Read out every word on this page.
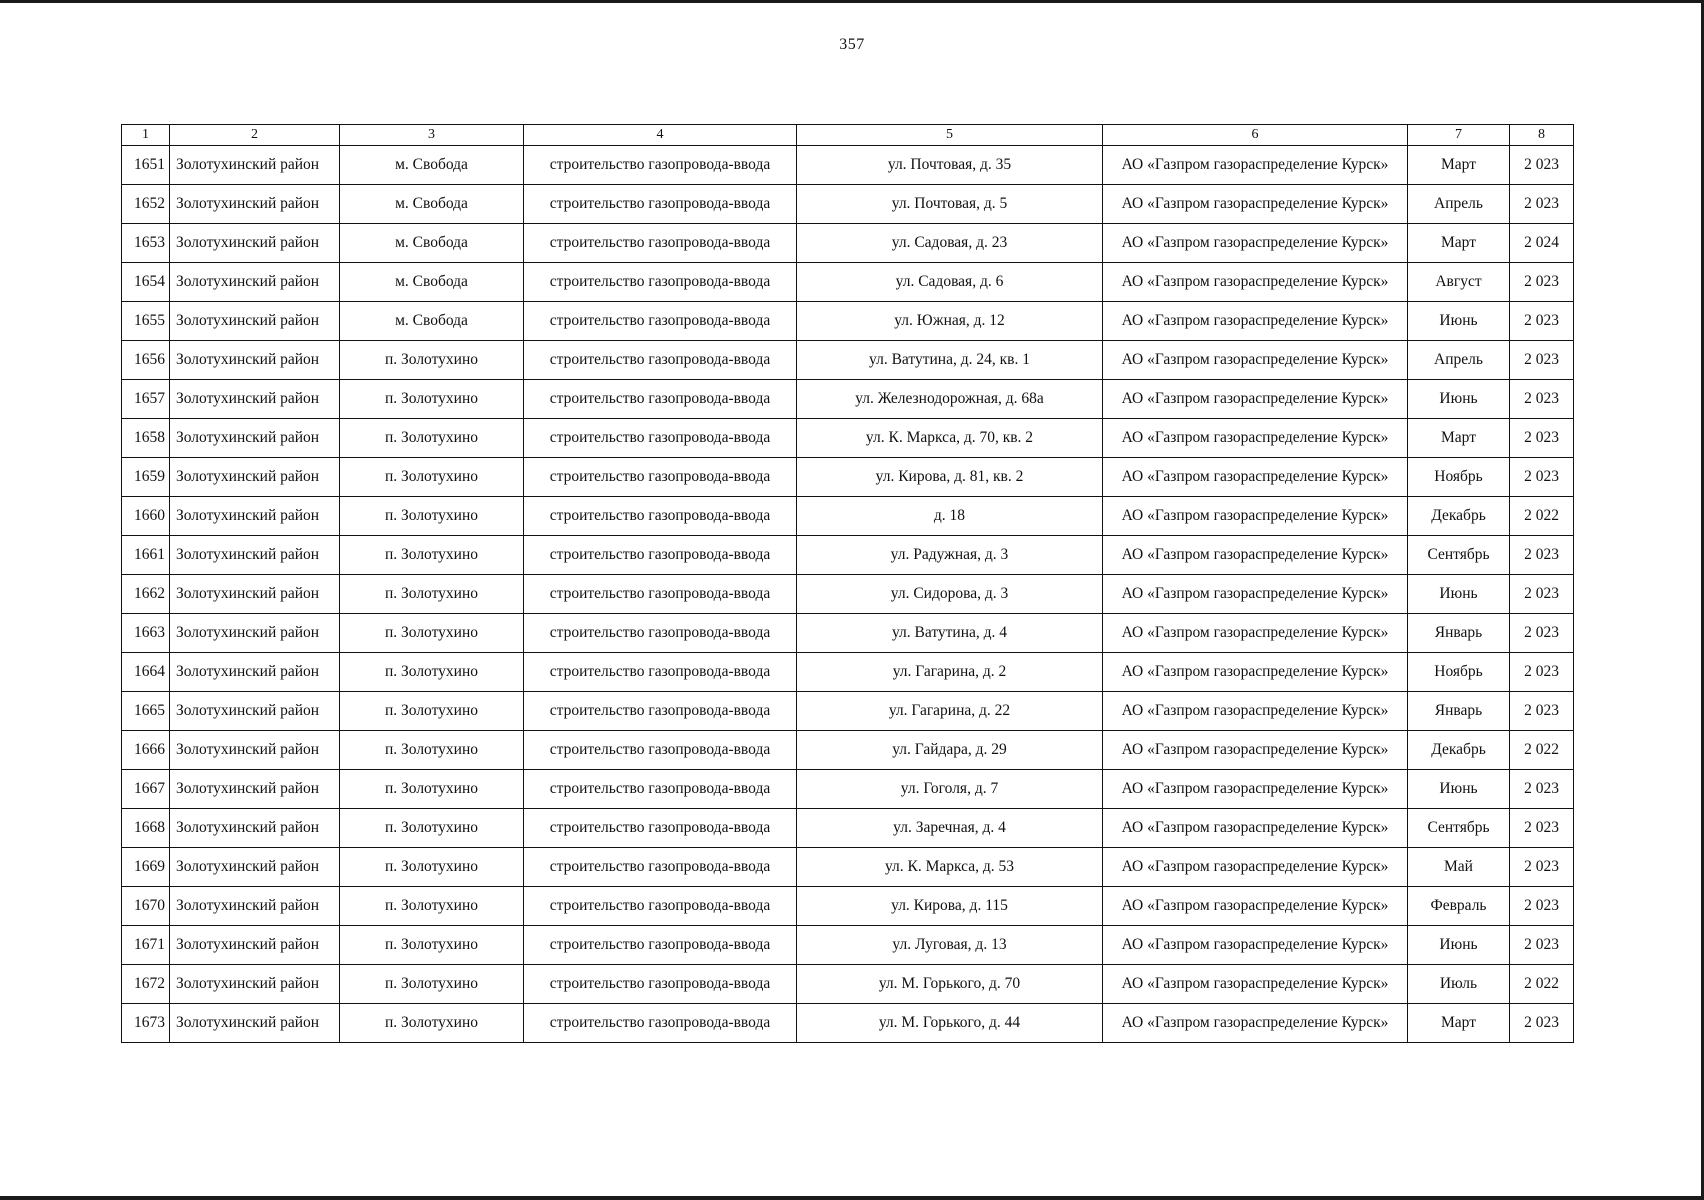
357
1	2	3	4	5	6	7	8
1651	Золотухинский район	м. Свобода	строительство газопровода-ввода	ул. Почтовая, д. 35	АО «Газпром газораспределение Курск»	Март	2 023
1652	Золотухинский район	м. Свобода	строительство газопровода-ввода	ул. Почтовая, д. 5	АО «Газпром газораспределение Курск»	Апрель	2 023
1653	Золотухинский район	м. Свобода	строительство газопровода-ввода	ул. Садовая, д. 23	АО «Газпром газораспределение Курск»	Март	2 024
1654	Золотухинский район	м. Свобода	строительство газопровода-ввода	ул. Садовая, д. 6	АО «Газпром газораспределение Курск»	Август	2 023
1655	Золотухинский район	м. Свобода	строительство газопровода-ввода	ул. Южная, д. 12	АО «Газпром газораспределение Курск»	Июнь	2 023
1656	Золотухинский район	п. Золотухино	строительство газопровода-ввода	ул. Ватутина, д. 24, кв. 1	АО «Газпром газораспределение Курск»	Апрель	2 023
1657	Золотухинский район	п. Золотухино	строительство газопровода-ввода	ул. Железнодорожная, д. 68а	АО «Газпром газораспределение Курск»	Июнь	2 023
1658	Золотухинский район	п. Золотухино	строительство газопровода-ввода	ул. К. Маркса, д. 70, кв. 2	АО «Газпром газораспределение Курск»	Март	2 023
1659	Золотухинский район	п. Золотухино	строительство газопровода-ввода	ул. Кирова, д. 81, кв. 2	АО «Газпром газораспределение Курск»	Ноябрь	2 023
1660	Золотухинский район	п. Золотухино	строительство газопровода-ввода	д. 18	АО «Газпром газораспределение Курск»	Декабрь	2 022
1661	Золотухинский район	п. Золотухино	строительство газопровода-ввода	ул. Радужная, д. 3	АО «Газпром газораспределение Курск»	Сентябрь	2 023
1662	Золотухинский район	п. Золотухино	строительство газопровода-ввода	ул. Сидорова, д. 3	АО «Газпром газораспределение Курск»	Июнь	2 023
1663	Золотухинский район	п. Золотухино	строительство газопровода-ввода	ул. Ватутина, д. 4	АО «Газпром газораспределение Курск»	Январь	2 023
1664	Золотухинский район	п. Золотухино	строительство газопровода-ввода	ул. Гагарина, д. 2	АО «Газпром газораспределение Курск»	Ноябрь	2 023
1665	Золотухинский район	п. Золотухино	строительство газопровода-ввода	ул. Гагарина, д. 22	АО «Газпром газораспределение Курск»	Январь	2 023
1666	Золотухинский район	п. Золотухино	строительство газопровода-ввода	ул. Гайдара, д. 29	АО «Газпром газораспределение Курск»	Декабрь	2 022
1667	Золотухинский район	п. Золотухино	строительство газопровода-ввода	ул. Гоголя, д. 7	АО «Газпром газораспределение Курск»	Июнь	2 023
1668	Золотухинский район	п. Золотухино	строительство газопровода-ввода	ул. Заречная, д. 4	АО «Газпром газораспределение Курск»	Сентябрь	2 023
1669	Золотухинский район	п. Золотухино	строительство газопровода-ввода	ул. К. Маркса, д. 53	АО «Газпром газораспределение Курск»	Май	2 023
1670	Золотухинский район	п. Золотухино	строительство газопровода-ввода	ул. Кирова, д. 115	АО «Газпром газораспределение Курск»	Февраль	2 023
1671	Золотухинский район	п. Золотухино	строительство газопровода-ввода	ул. Луговая, д. 13	АО «Газпром газораспределение Курск»	Июнь	2 023
1672	Золотухинский район	п. Золотухино	строительство газопровода-ввода	ул. М. Горького, д. 70	АО «Газпром газораспределение Курск»	Июль	2 022
1673	Золотухинский район	п. Золотухино	строительство газопровода-ввода	ул. М. Горького, д. 44	АО «Газпром газораспределение Курск»	Март	2 023
